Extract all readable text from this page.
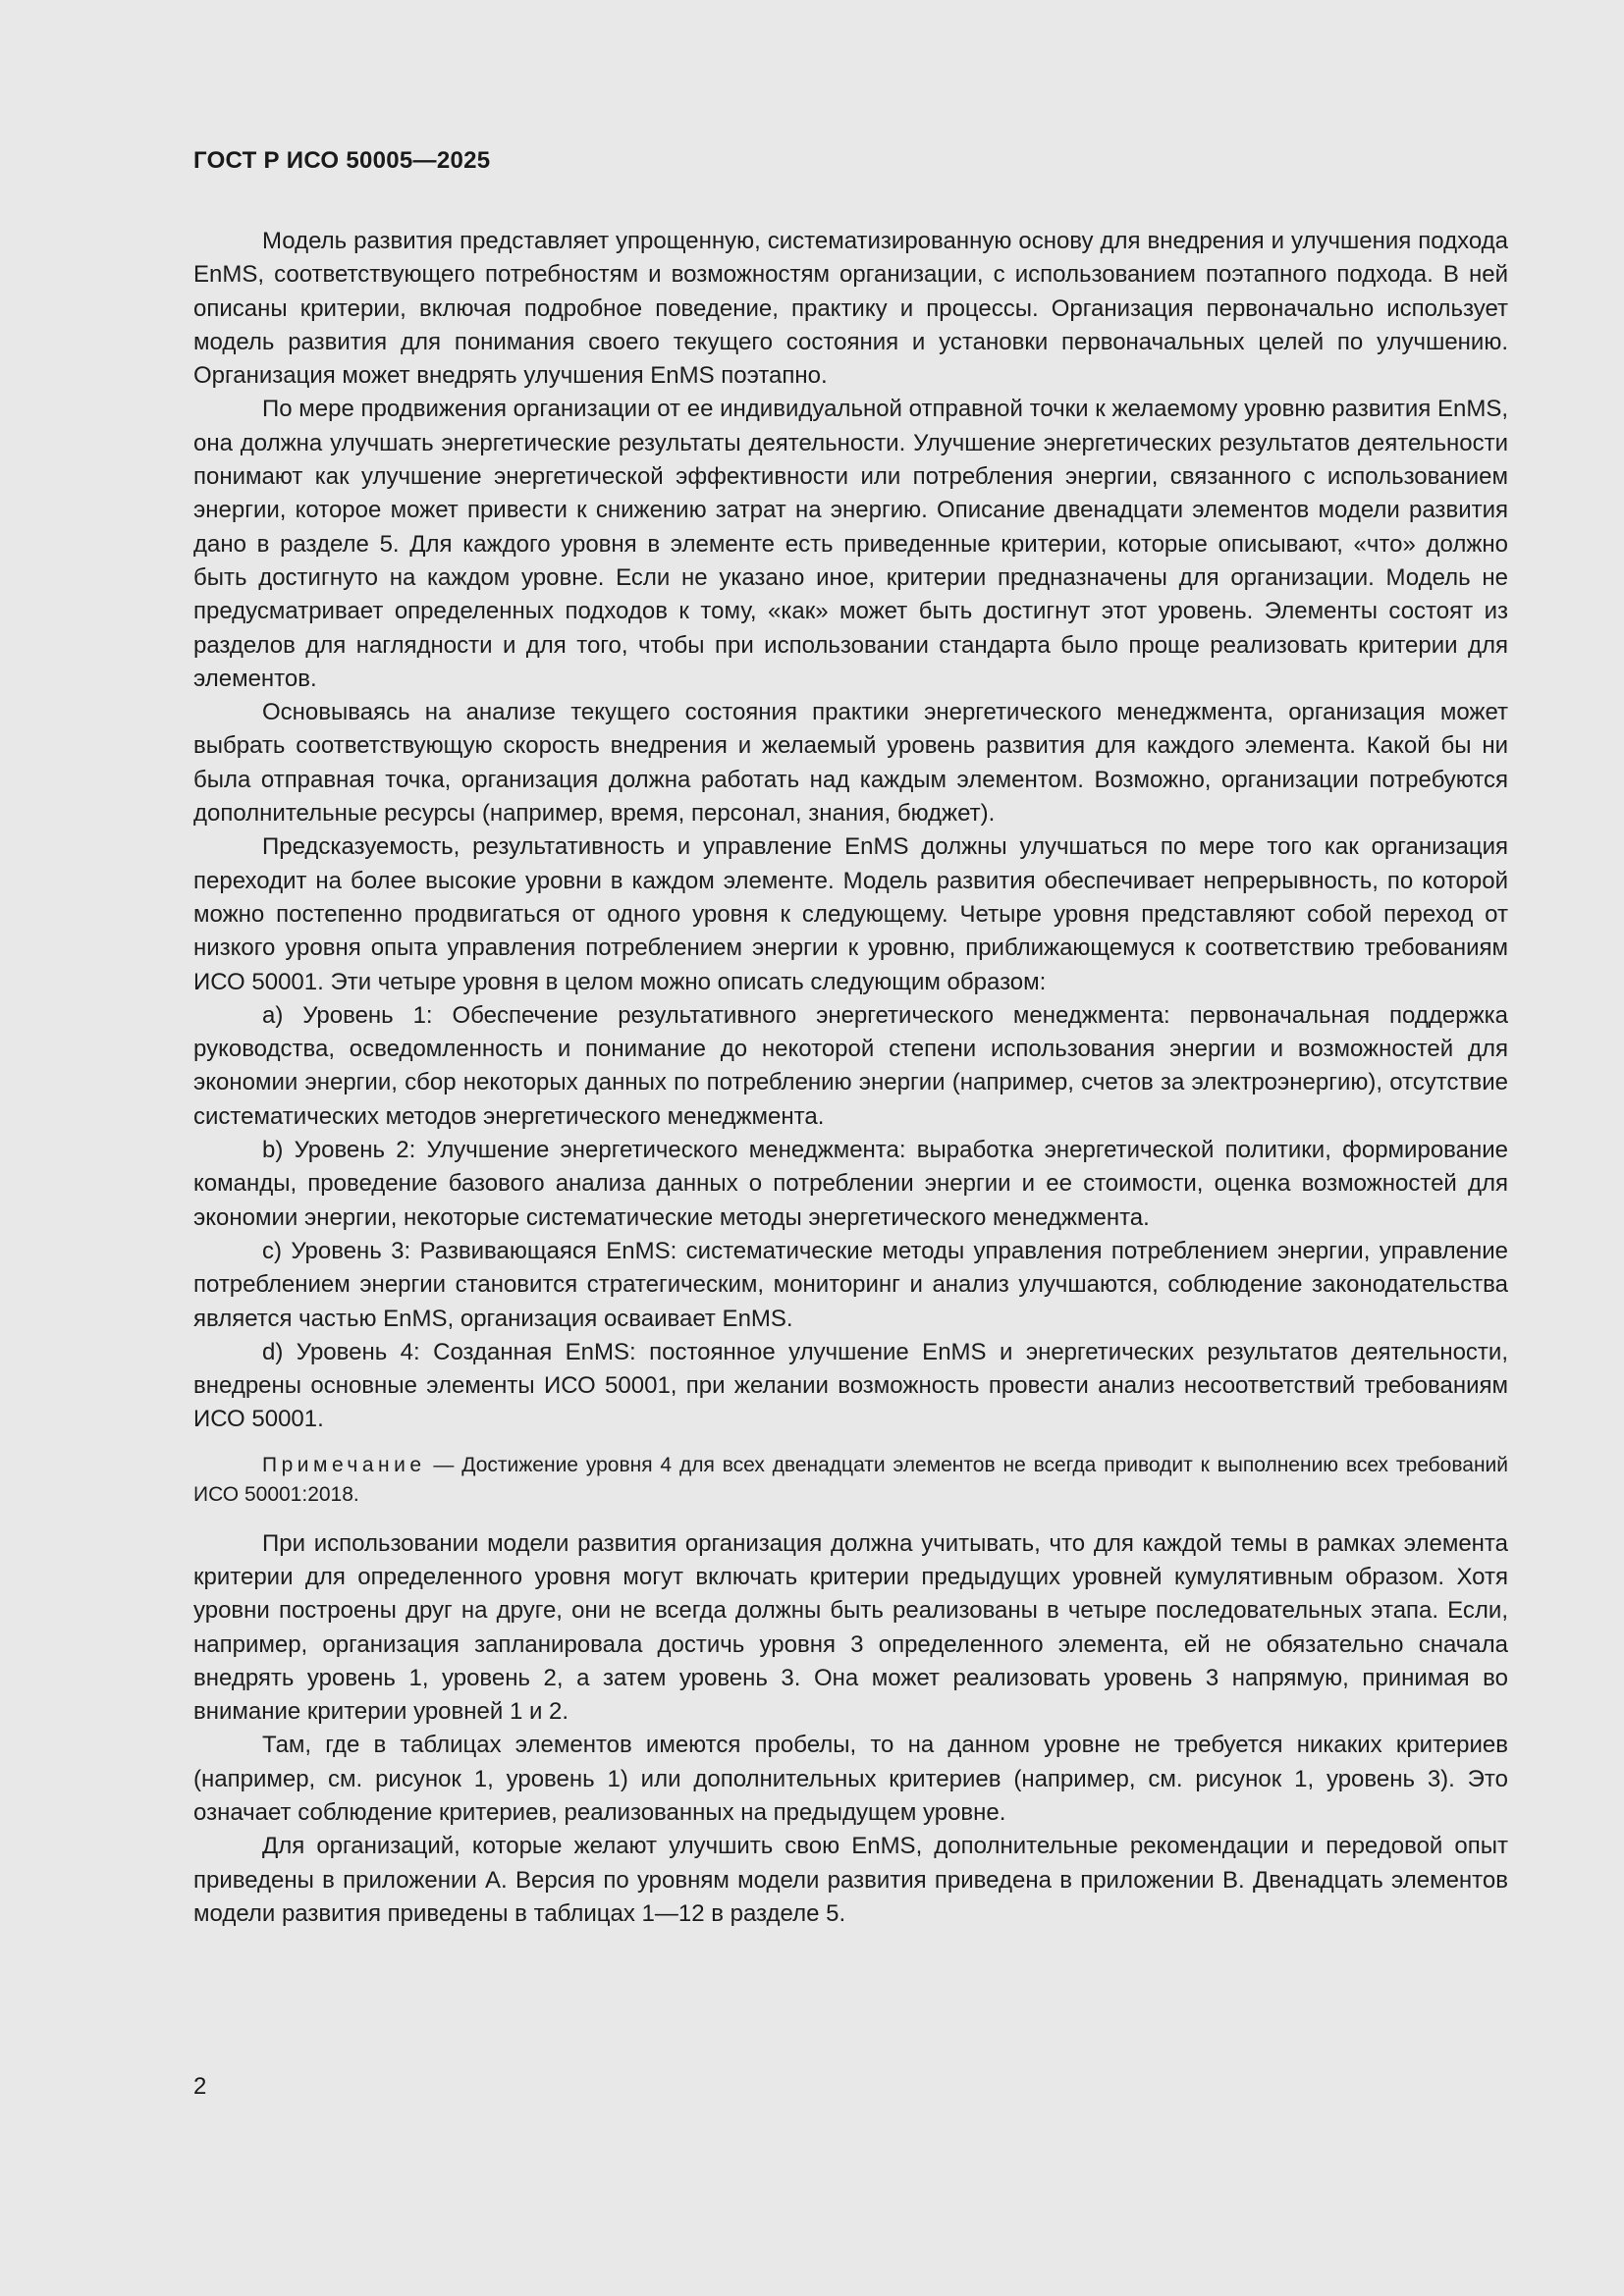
ГОСТ Р ИСО 50005—2025

Модель развития представляет упрощенную, систематизированную основу для внедрения и улучшения подхода EnMS, соответствующего потребностям и возможностям организации, с использованием поэтапного подхода. В ней описаны критерии, включая подробное поведение, практику и процессы. Организация первоначально использует модель развития для понимания своего текущего состояния и установки первоначальных целей по улучшению. Организация может внедрять улучшения EnMS поэтапно.

По мере продвижения организации от ее индивидуальной отправной точки к желаемому уровню развития EnMS, она должна улучшать энергетические результаты деятельности. Улучшение энергетических результатов деятельности понимают как улучшение энергетической эффективности или потребления энергии, связанного с использованием энергии, которое может привести к снижению затрат на энергию. Описание двенадцати элементов модели развития дано в разделе 5. Для каждого уровня в элементе есть приведенные критерии, которые описывают, «что» должно быть достигнуто на каждом уровне. Если не указано иное, критерии предназначены для организации. Модель не предусматривает определенных подходов к тому, «как» может быть достигнут этот уровень. Элементы состоят из разделов для наглядности и для того, чтобы при использовании стандарта было проще реализовать критерии для элементов.

Основываясь на анализе текущего состояния практики энергетического менеджмента, организация может выбрать соответствующую скорость внедрения и желаемый уровень развития для каждого элемента. Какой бы ни была отправная точка, организация должна работать над каждым элементом. Возможно, организации потребуются дополнительные ресурсы (например, время, персонал, знания, бюджет).

Предсказуемость, результативность и управление EnMS должны улучшаться по мере того как организация переходит на более высокие уровни в каждом элементе. Модель развития обеспечивает непрерывность, по которой можно постепенно продвигаться от одного уровня к следующему. Четыре уровня представляют собой переход от низкого уровня опыта управления потреблением энергии к уровню, приближающемуся к соответствию требованиям ИСО 50001. Эти четыре уровня в целом можно описать следующим образом:

a) Уровень 1: Обеспечение результативного энергетического менеджмента: первоначальная поддержка руководства, осведомленность и понимание до некоторой степени использования энергии и возможностей для экономии энергии, сбор некоторых данных по потреблению энергии (например, счетов за электроэнергию), отсутствие систематических методов энергетического менеджмента.

b) Уровень 2: Улучшение энергетического менеджмента: выработка энергетической политики, формирование команды, проведение базового анализа данных о потреблении энергии и ее стоимости, оценка возможностей для экономии энергии, некоторые систематические методы энергетического менеджмента.

c) Уровень 3: Развивающаяся EnMS: систематические методы управления потреблением энергии, управление потреблением энергии становится стратегическим, мониторинг и анализ улучшаются, соблюдение законодательства является частью EnMS, организация осваивает EnMS.

d) Уровень 4: Созданная EnMS: постоянное улучшение EnMS и энергетических результатов деятельности, внедрены основные элементы ИСО 50001, при желании возможность провести анализ несоответствий требованиям ИСО 50001.

Примечание — Достижение уровня 4 для всех двенадцати элементов не всегда приводит к выполнению всех требований ИСО 50001:2018.

При использовании модели развития организация должна учитывать, что для каждой темы в рамках элемента критерии для определенного уровня могут включать критерии предыдущих уровней кумулятивным образом. Хотя уровни построены друг на друге, они не всегда должны быть реализованы в четыре последовательных этапа. Если, например, организация запланировала достичь уровня 3 определенного элемента, ей не обязательно сначала внедрять уровень 1, уровень 2, а затем уровень 3. Она может реализовать уровень 3 напрямую, принимая во внимание критерии уровней 1 и 2.

Там, где в таблицах элементов имеются пробелы, то на данном уровне не требуется никаких критериев (например, см. рисунок 1, уровень 1) или дополнительных критериев (например, см. рисунок 1, уровень 3). Это означает соблюдение критериев, реализованных на предыдущем уровне.

Для организаций, которые желают улучшить свою EnMS, дополнительные рекомендации и передовой опыт приведены в приложении А. Версия по уровням модели развития приведена в приложении В. Двенадцать элементов модели развития приведены в таблицах 1—12 в разделе 5.

2
